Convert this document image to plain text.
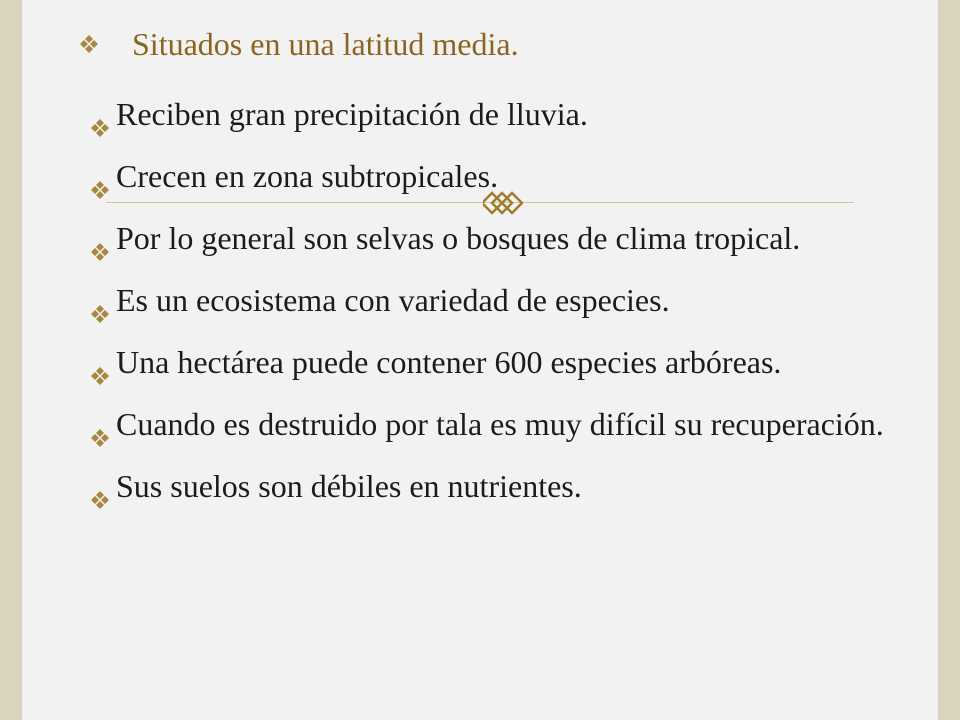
Situados en una latitud media.
Reciben gran precipitación de lluvia.
Crecen en zona subtropicales.
Por lo general son selvas o bosques de clima tropical.
Es un ecosistema con variedad de especies.
Una hectárea puede contener 600 especies arbóreas.
Cuando es destruido por tala es muy difícil su recuperación.
Sus suelos son débiles en nutrientes.
